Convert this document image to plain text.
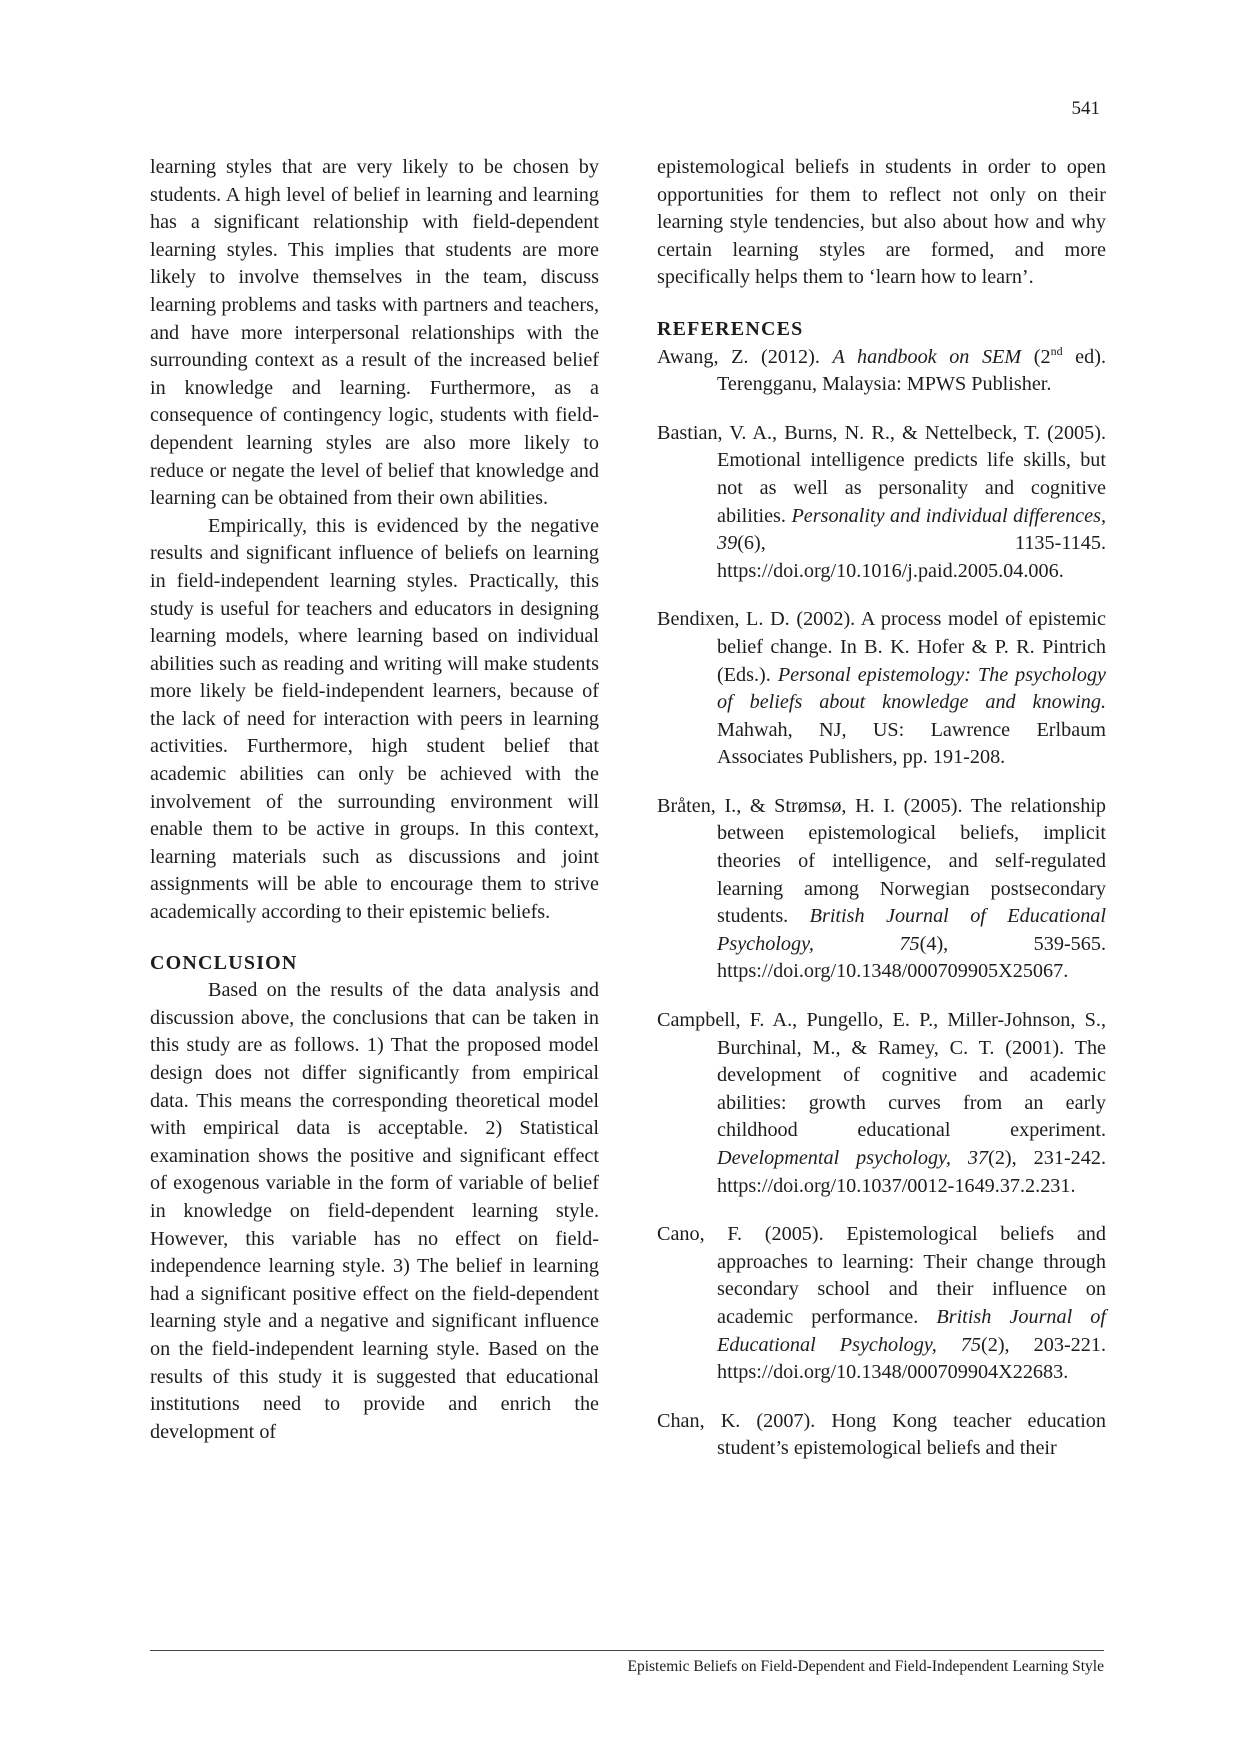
541

learning styles that are very likely to be chosen by students. A high level of belief in learning and learning has a significant relationship with field-dependent learning styles. This implies that students are more likely to involve themselves in the team, discuss learning problems and tasks with partners and teachers, and have more interpersonal relationships with the surrounding context as a result of the increased belief in knowledge and learning. Furthermore, as a consequence of contingency logic, students with field-dependent learning styles are also more likely to reduce or negate the level of belief that knowledge and learning can be obtained from their own abilities.

Empirically, this is evidenced by the negative results and significant influence of beliefs on learning in field-independent learning styles. Practically, this study is useful for teachers and educators in designing learning models, where learning based on individual abilities such as reading and writing will make students more likely be field-independent learners, because of the lack of need for interaction with peers in learning activities. Furthermore, high student belief that academic abilities can only be achieved with the involvement of the surrounding environment will enable them to be active in groups. In this context, learning materials such as discussions and joint assignments will be able to encourage them to strive academically according to their epistemic beliefs.

CONCLUSION

Based on the results of the data analysis and discussion above, the conclusions that can be taken in this study are as follows. 1) That the proposed model design does not differ significantly from empirical data. This means the corresponding theoretical model with empirical data is acceptable. 2) Statistical examination shows the positive and significant effect of exogenous variable in the form of variable of belief in knowledge on field-dependent learning style. However, this variable has no effect on field-independence learning style. 3) The belief in learning had a significant positive effect on the field-dependent learning style and a negative and significant influence on the field-independent learning style. Based on the results of this study it is suggested that educational institutions need to provide and enrich the development of

epistemological beliefs in students in order to open opportunities for them to reflect not only on their learning style tendencies, but also about how and why certain learning styles are formed, and more specifically helps them to ‘learn how to learn’.

REFERENCES

Awang, Z. (2012). A handbook on SEM (2nd ed). Terengganu, Malaysia: MPWS Publisher.

Bastian, V. A., Burns, N. R., & Nettelbeck, T. (2005). Emotional intelligence predicts life skills, but not as well as personality and cognitive abilities. Personality and individual differences, 39(6), 1135-1145. https://doi.org/10.1016/j.paid.2005.04.006.

Bendixen, L. D. (2002). A process model of epistemic belief change. In B. K. Hofer & P. R. Pintrich (Eds.). Personal epistemology: The psychology of beliefs about knowledge and knowing. Mahwah, NJ, US: Lawrence Erlbaum Associates Publishers, pp. 191-208.

Bråten, I., & Strømsø, H. I. (2005). The relationship between epistemological beliefs, implicit theories of intelligence, and self-regulated learning among Norwegian postsecondary students. British Journal of Educational Psychology, 75(4), 539-565. https://doi.org/10.1348/000709905X25067.

Campbell, F. A., Pungello, E. P., Miller-Johnson, S., Burchinal, M., & Ramey, C. T. (2001). The development of cognitive and academic abilities: growth curves from an early childhood educational experiment. Developmental psychology, 37(2), 231-242. https://doi.org/10.1037/0012-1649.37.2.231.

Cano, F. (2005). Epistemological beliefs and approaches to learning: Their change through secondary school and their influence on academic performance. British Journal of Educational Psychology, 75(2), 203-221. https://doi.org/10.1348/000709904X22683.

Chan, K. (2007). Hong Kong teacher education student’s epistemological beliefs and their

Epistemic Beliefs on Field-Dependent and Field-Independent Learning Style
